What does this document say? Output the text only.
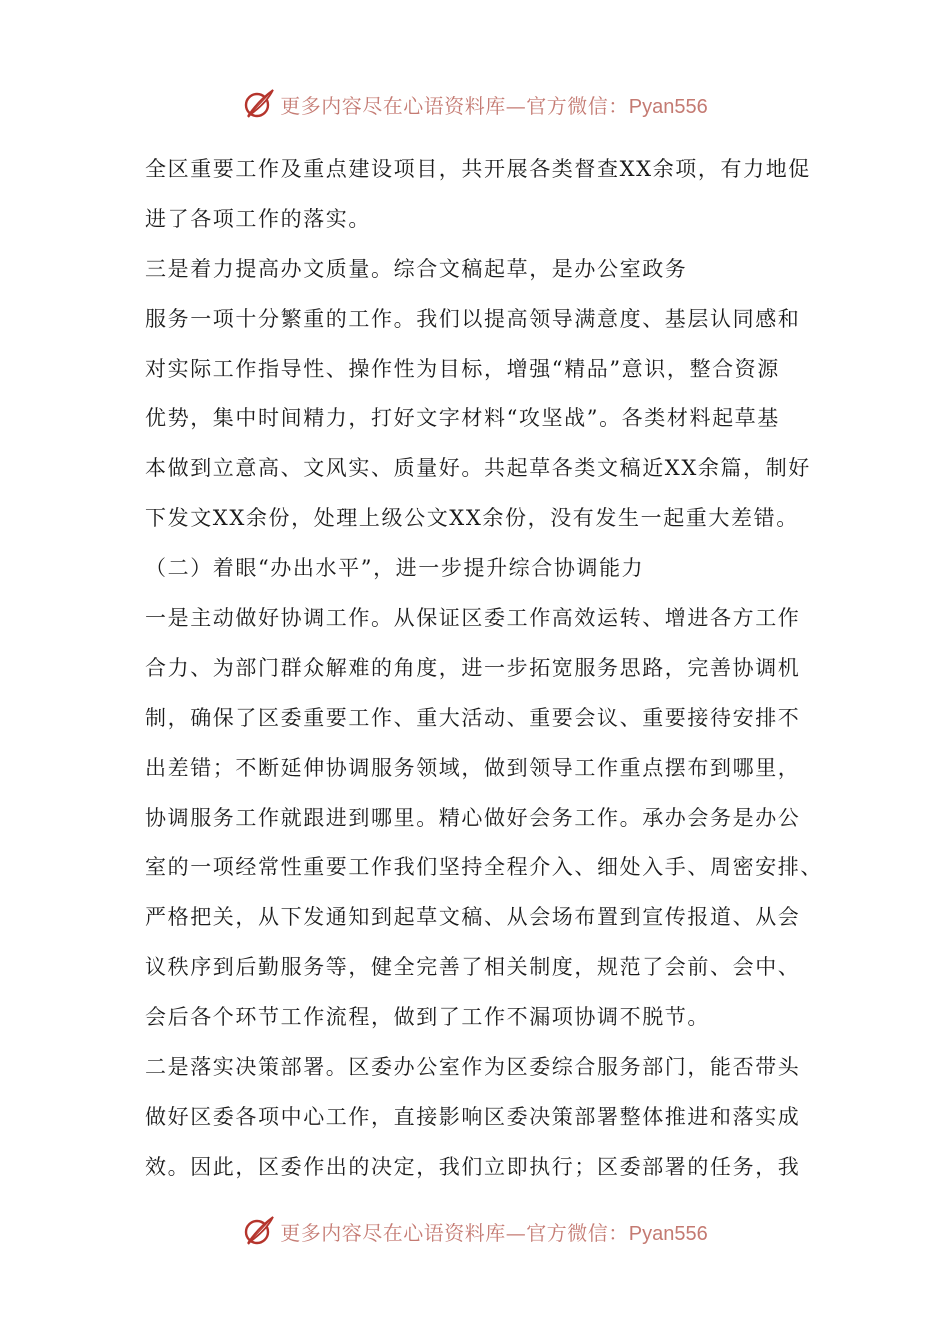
更多内容尽在心语资料库—官方微信：Pyan556
全区重要工作及重点建设项目，共开展各类督查XX余项，有力地促
进了各项工作的落实。
三是着力提高办文质量。综合文稿起草，是办公室政务
服务一项十分繁重的工作。我们以提高领导满意度、基层认同感和
对实际工作指导性、操作性为目标，增强“精品”意识，整合资源
优势，集中时间精力，打好文字材料“攻坚战”。各类材料起草基
本做到立意高、文风实、质量好。共起草各类文稿近XX余篇，制好
下发文XX余份，处理上级公文XX余份，没有发生一起重大差错。
（二）着眼“办出水平”，进一步提升综合协调能力
一是主动做好协调工作。从保证区委工作高效运转、增进各方工作
合力、为部门群众解难的角度，进一步拓宽服务思路，完善协调机
制，确保了区委重要工作、重大活动、重要会议、重要接待安排不
出差错；不断延伸协调服务领域，做到领导工作重点摆布到哪里，
协调服务工作就跟进到哪里。精心做好会务工作。承办会务是办公
室的一项经常性重要工作我们坚持全程介入、细处入手、周密安排、
严格把关，从下发通知到起草文稿、从会场布置到宣传报道、从会
议秩序到后勤服务等，健全完善了相关制度，规范了会前、会中、
会后各个环节工作流程，做到了工作不漏项协调不脱节。
二是落实决策部署。区委办公室作为区委综合服务部门，能否带头
做好区委各项中心工作，直接影响区委决策部署整体推进和落实成
效。因此，区委作出的决定，我们立即执行；区委部署的任务，我
更多内容尽在心语资料库—官方微信：Pyan556
